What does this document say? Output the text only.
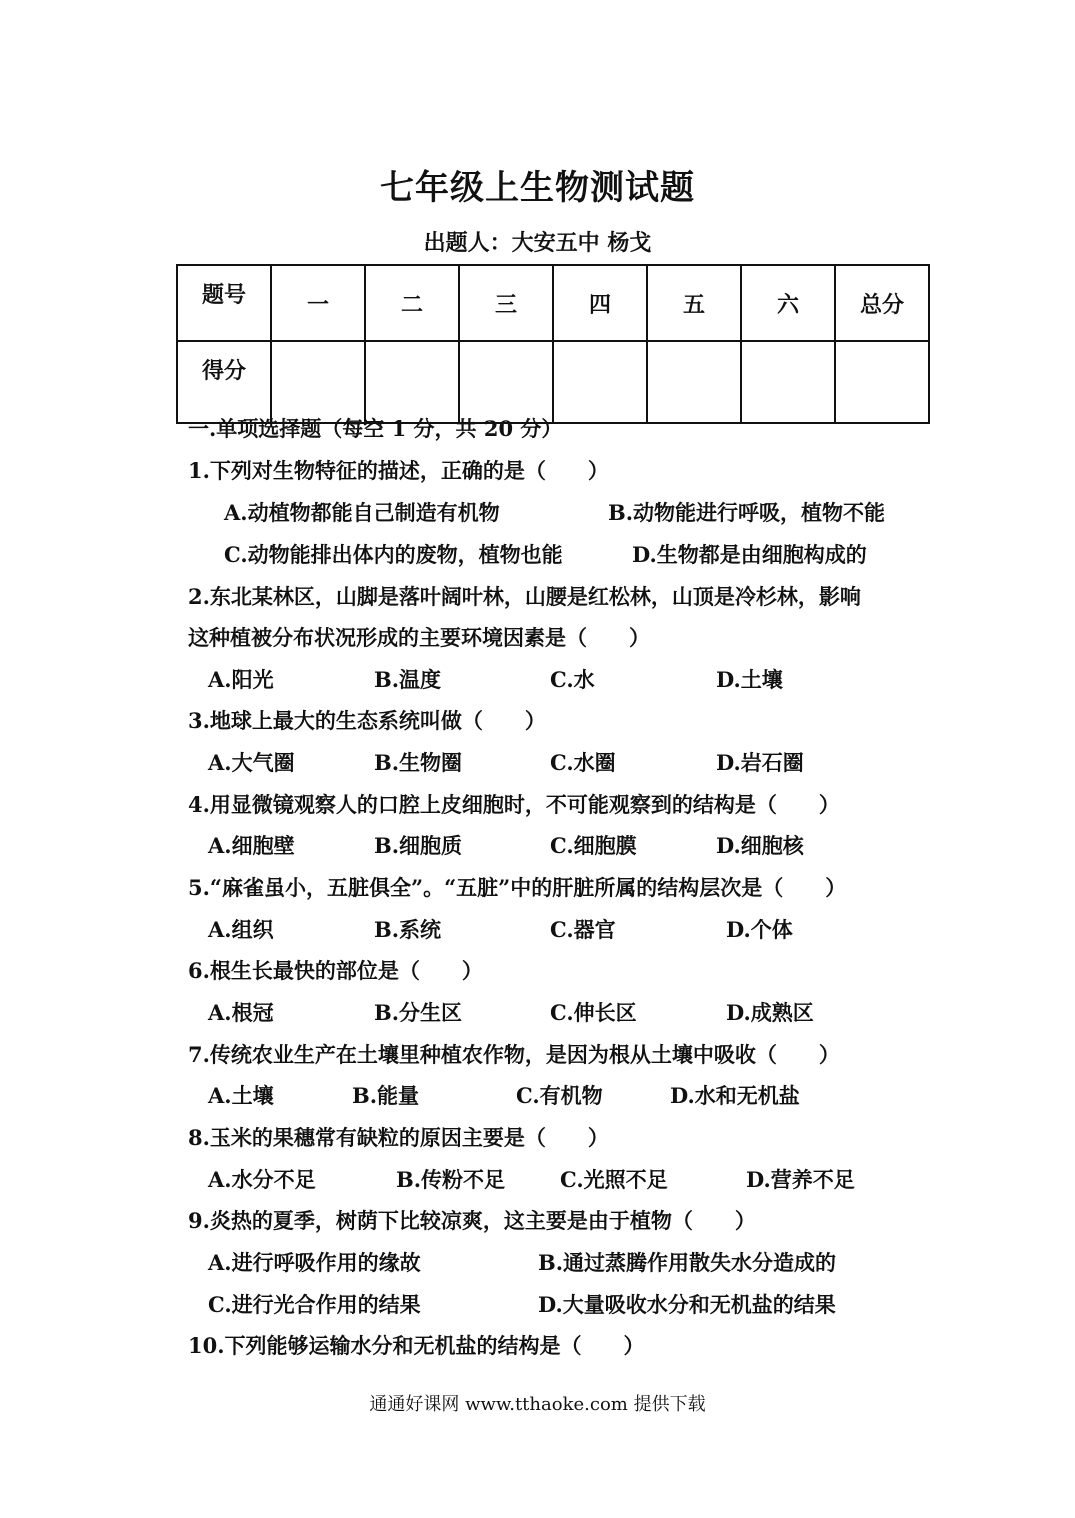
七年级上生物测试题
出题人：大安五中 杨戈
题号	一	二	三	四	五	六	总分
得分							
一.单项选择题（每空 1 分，共 20 分）
1.下列对生物特征的描述，正确的是（　　）
A.动植物都能自己制造有机物	B.动物能进行呼吸，植物不能
C.动物能排出体内的废物，植物也能	D.生物都是由细胞构成的
2.东北某林区，山脚是落叶阔叶林，山腰是红松林，山顶是冷杉林，影响
这种植被分布状况形成的主要环境因素是（　　）
A.阳光	B.温度	C.水	D.土壤
3.地球上最大的生态系统叫做（　　）
A.大气圈	B.生物圈	C.水圈	D.岩石圈
4.用显微镜观察人的口腔上皮细胞时，不可能观察到的结构是（　　）
A.细胞壁	B.细胞质	C.细胞膜	D.细胞核
5.“麻雀虽小，五脏俱全”。“五脏”中的肝脏所属的结构层次是（　　）
A.组织	B.系统	C.器官	D.个体
6.根生长最快的部位是（　　）
A.根冠	B.分生区	C.伸长区	D.成熟区
7.传统农业生产在土壤里种植农作物，是因为根从土壤中吸收（　　）
A.土壤	B.能量	C.有机物	D.水和无机盐
8.玉米的果穗常有缺粒的原因主要是（　　）
A.水分不足	B.传粉不足	C.光照不足	D.营养不足
9.炎热的夏季，树荫下比较凉爽，这主要是由于植物（　　）
A.进行呼吸作用的缘故	B.通过蒸腾作用散失水分造成的
C.进行光合作用的结果	D.大量吸收水分和无机盐的结果
10.下列能够运输水分和无机盐的结构是（　　）
通通好课网 www.tthaoke.com 提供下载
